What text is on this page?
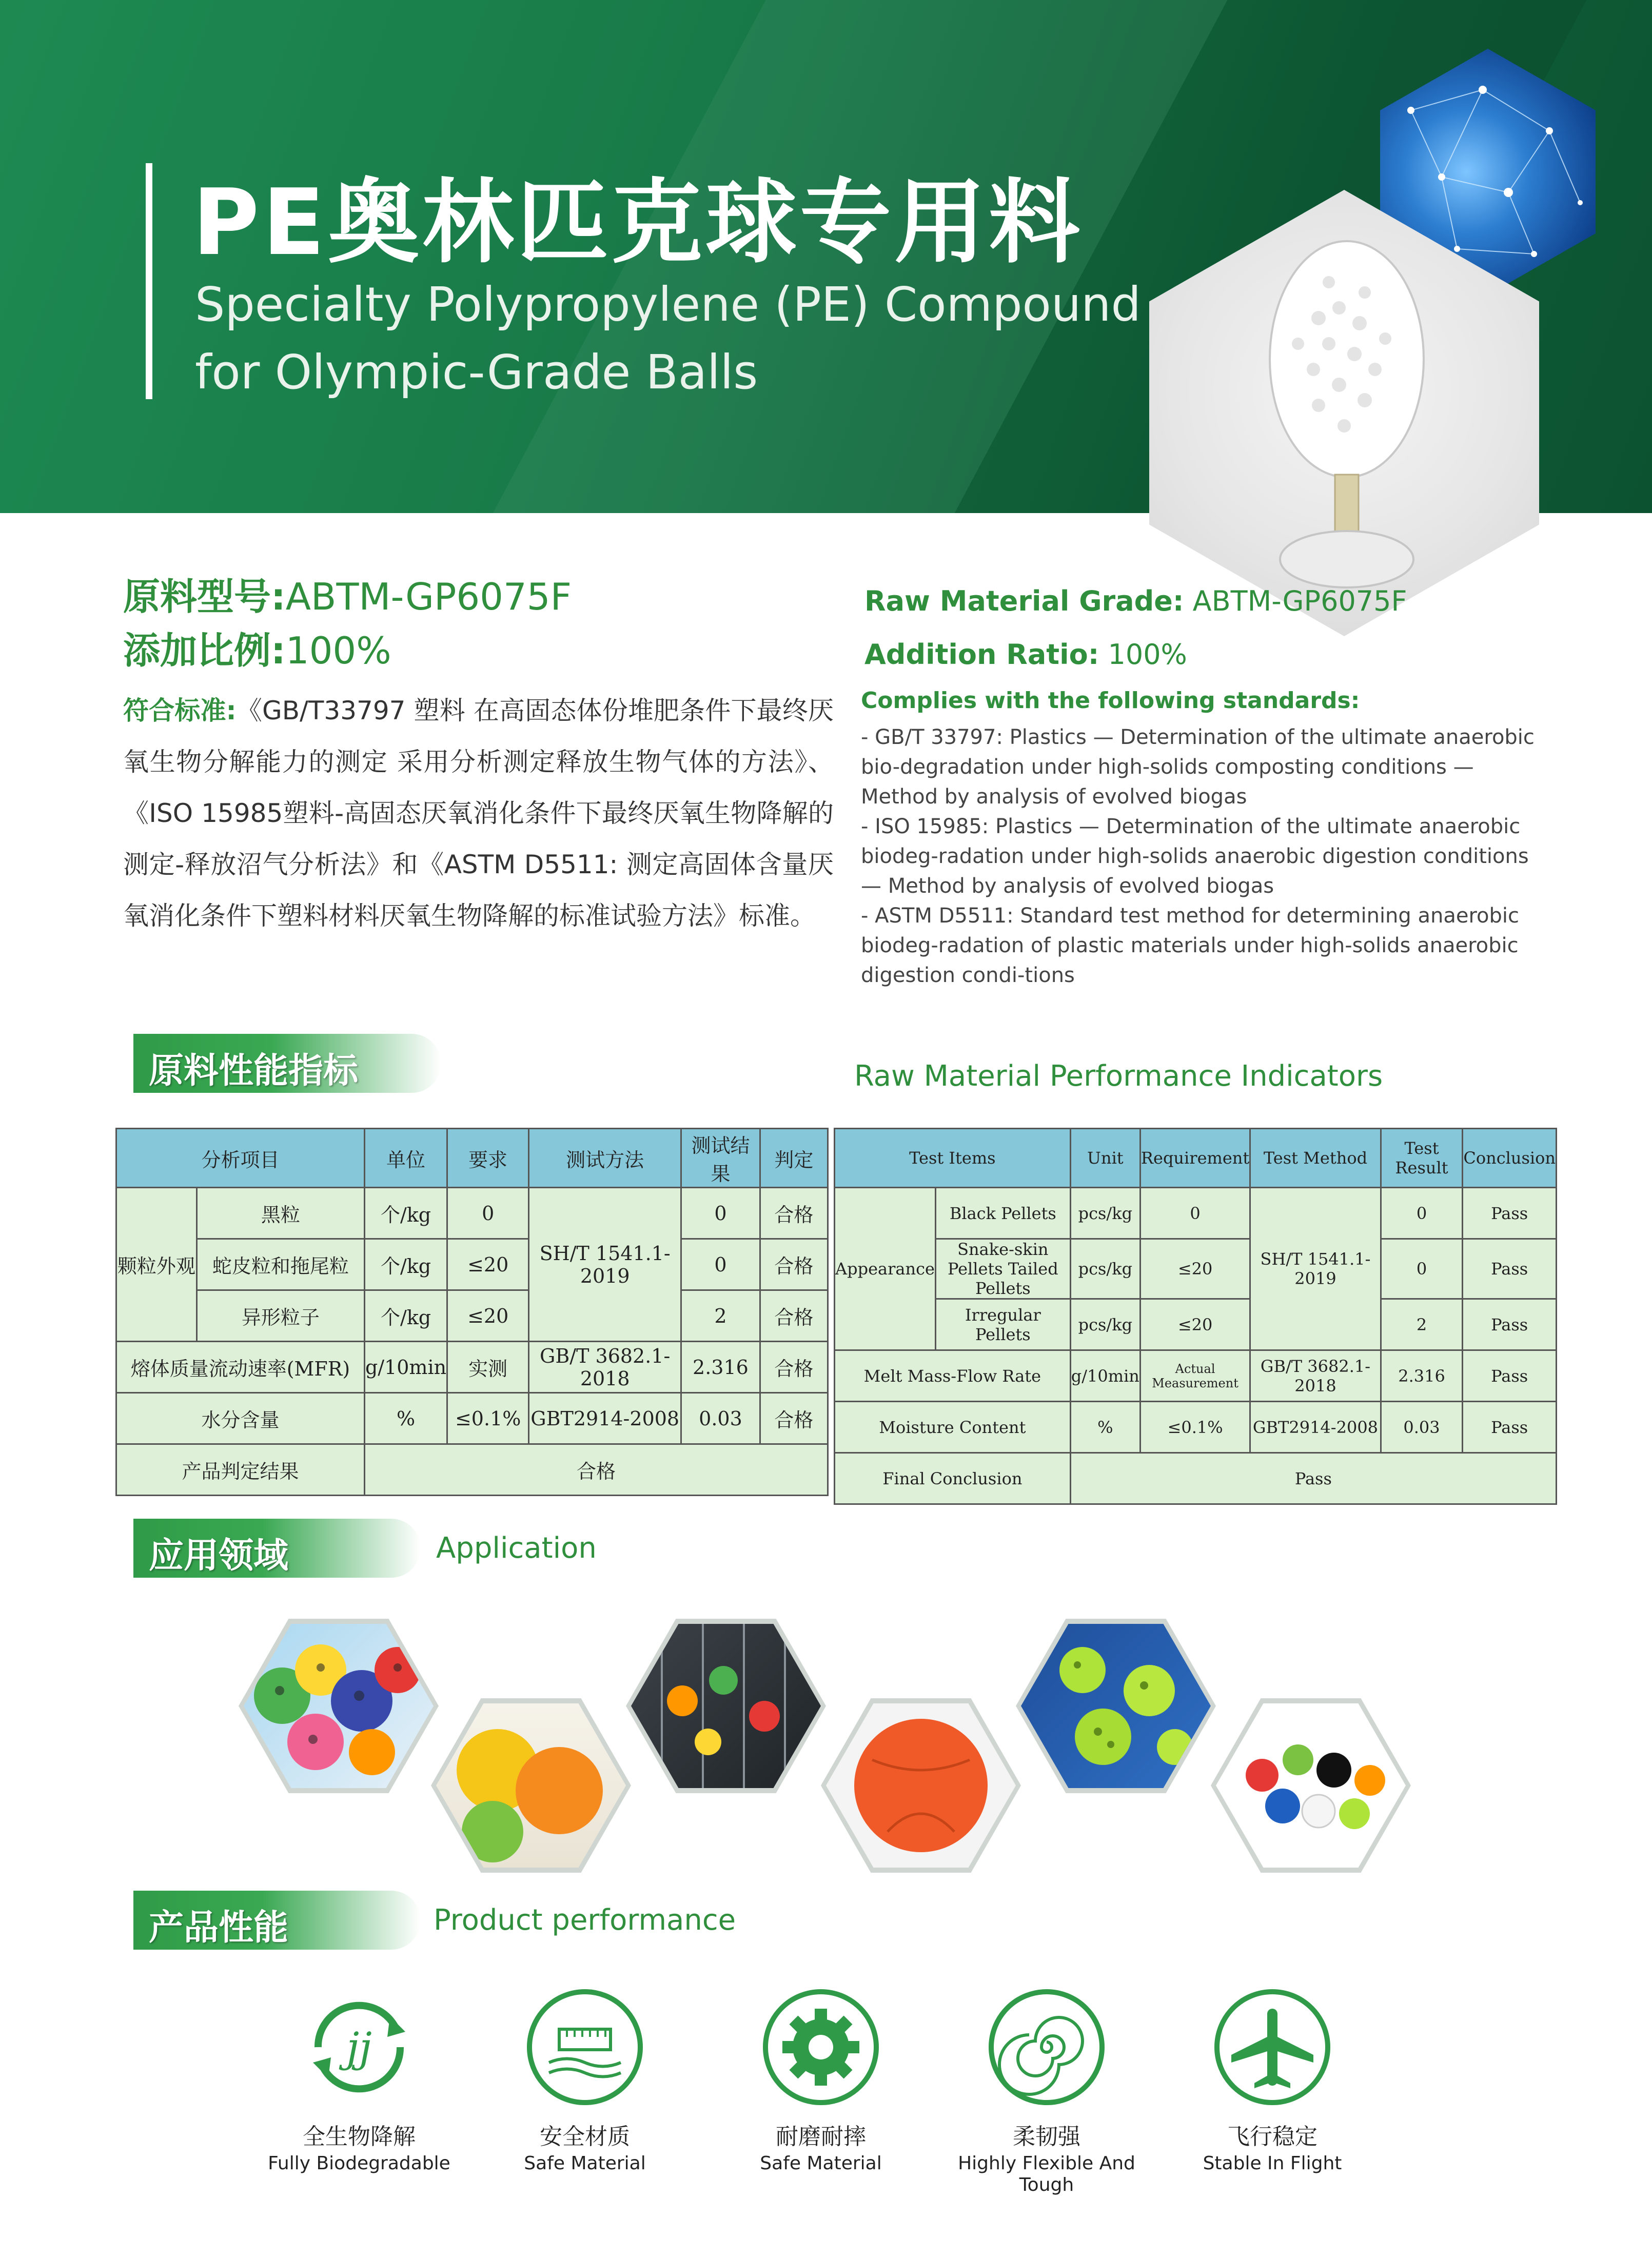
PE奥林匹克球专用料
Specialty Polypropylene (PE) Compound
for Olympic-Grade Balls
原料型号:ABTM-GP6075F
添加比例:100%
Raw Material Grade: ABTM-GP6075F
Addition Ratio: 100%
符合标准:《GB/T33797 塑料 在高固态体份堆肥条件下最终厌氧生物分解能力的测定 采用分析测定释放生物气体的方法》、《ISO 15985塑料-高固态厌氧消化条件下最终厌氧生物降解的测定-释放沼气分析法》和《ASTM D5511: 测定高固体含量厌氧消化条件下塑料材料厌氧生物降解的标准试验方法》标准。
Complies with the following standards:
- GB/T 33797: Plastics — Determination of the ultimate anaerobic bio-degradation under high-solids composting conditions — Method by analysis of evolved biogas
- ISO 15985: Plastics — Determination of the ultimate anaerobic biodeg-radation under high-solids anaerobic digestion conditions — Method by analysis of evolved biogas
- ASTM D5511: Standard test method for determining anaerobic biodeg-radation of plastic materials under high-solids anaerobic digestion condi-tions
原料性能指标	Raw Material Performance Indicators
分析项目		单位	要求	测试方法	测试结果	判定
颗粒外观	黑粒	个/kg	0	SH/T 1541.1-2019	0	合格
	蛇皮粒和拖尾粒	个/kg	≤20		0	合格
	异形粒子	个/kg	≤20		2	合格
熔体质量流动速率(MFR)		g/10min	实测	GB/T 3682.1-2018	2.316	合格
水分含量		%	≤0.1%	GBT2914-2008	0.03	合格
产品判定结果		合格				
Test Items		Unit	Requirement	Test Method	Test Result	Conclusion
Appearance	Black Pellets	pcs/kg	0	SH/T 1541.1-2019	0	Pass
	Snake-skin Pellets Tailed Pellets	pcs/kg	≤20		0	Pass
	Irregular Pellets	pcs/kg	≤20		2	Pass
Melt Mass-Flow Rate		g/10min	Actual Measurement	GB/T 3682.1-2018	2.316	Pass
Moisture Content		%	≤0.1%	GBT2914-2008	0.03	Pass
Final Conclusion		Pass				
应用领域	Application
产品性能	Product performance
jj
全生物降解
Fully Biodegradable
安全材质
Safe Material
耐磨耐摔
Safe Material
柔韧强
Highly Flexible And Tough
飞行稳定
Stable In Flight
